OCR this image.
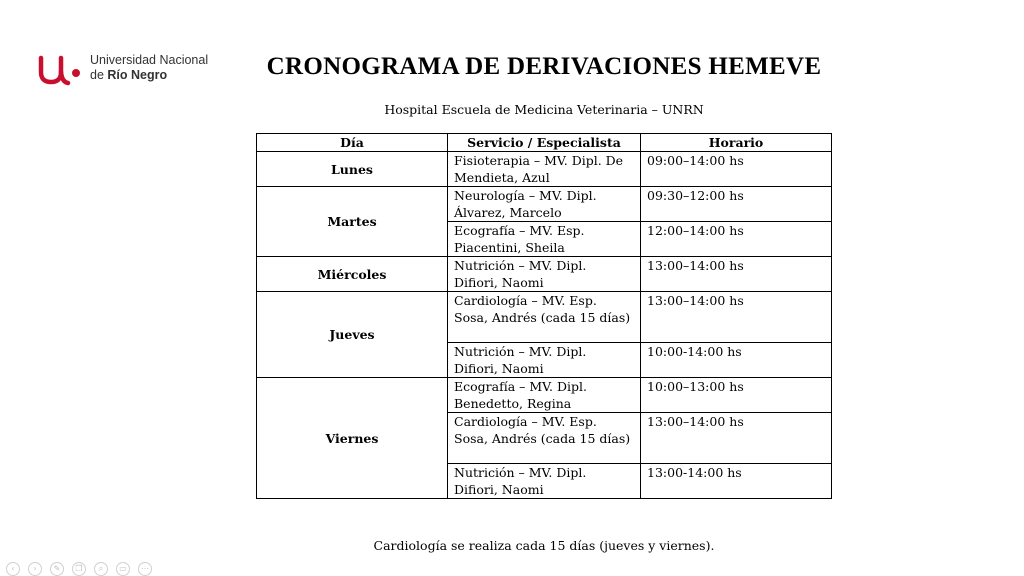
Universidad Nacional
de Río Negro	CRONOGRAMA DE DERIVACIONES HEMEVE
Hospital Escuela de Medicina Veterinaria – UNRN
Día	Servicio / Especialista	Horario
Lunes	Fisioterapia – MV. Dipl. De Mendieta, Azul	09:00–14:00 hs
Martes	Neurología – MV. Dipl. Álvarez, Marcelo	09:30–12:00 hs
	Ecografía – MV. Esp. Piacentini, Sheila	12:00–14:00 hs
Miércoles	Nutrición – MV. Dipl. Difiori, Naomi	13:00–14:00 hs
Jueves	Cardiología – MV. Esp. Sosa, Andrés (cada 15 días)	13:00–14:00 hs
	Nutrición – MV. Dipl. Difiori, Naomi	10:00-14:00 hs
Viernes	Ecografía – MV. Dipl. Benedetto, Regina	10:00–13:00 hs
	Cardiología – MV. Esp. Sosa, Andrés (cada 15 días)	13:00–14:00 hs
	Nutrición – MV. Dipl. Difiori, Naomi	13:00-14:00 hs
Cardiología se realiza cada 15 días (jueves y viernes).
‹ › ✎ ❐ ⌕ ▭ ⋯
